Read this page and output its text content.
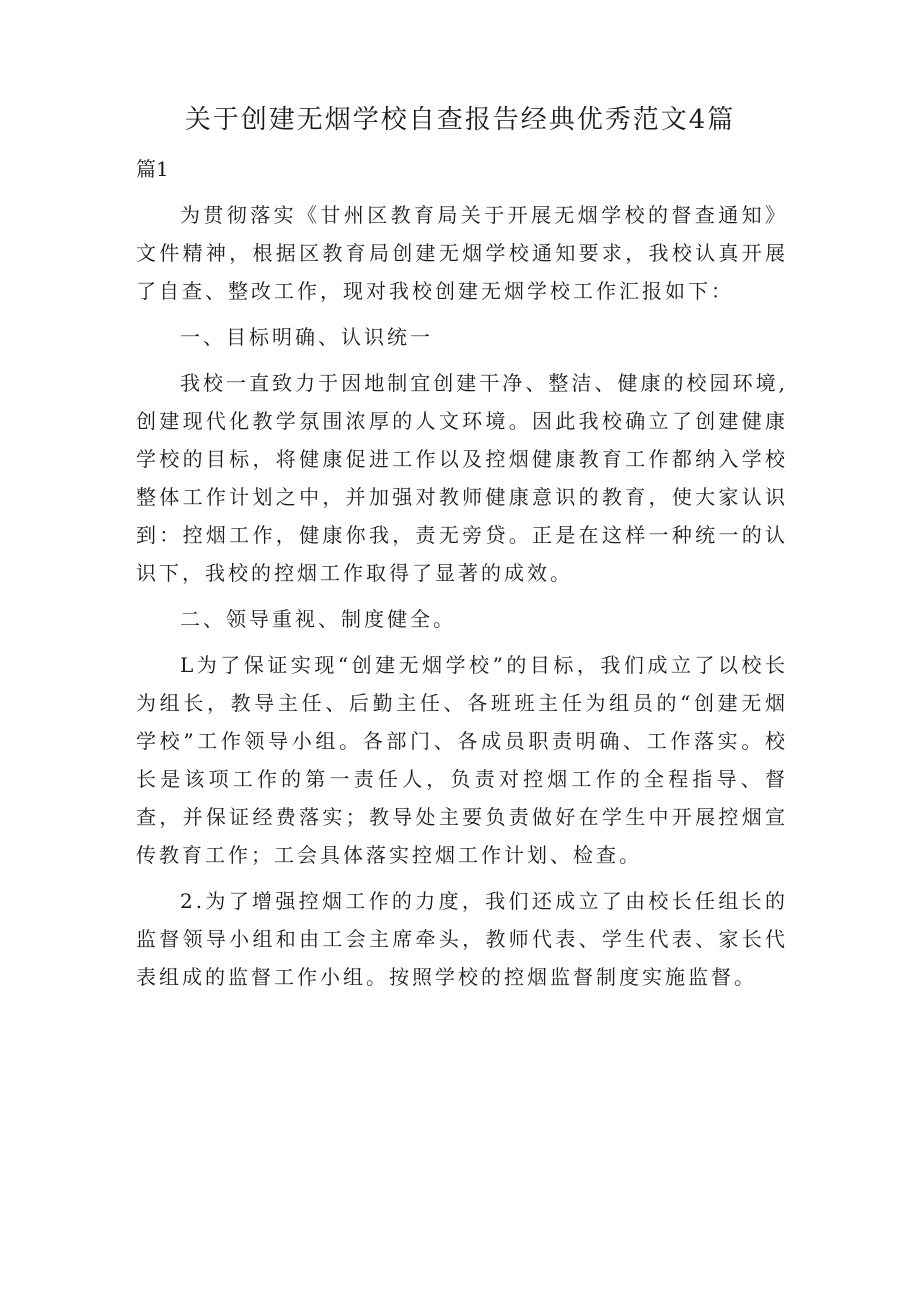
关于创建无烟学校自查报告经典优秀范文4篇
篇1

为贯彻落实《甘州区教育局关于开展无烟学校的督查通知》文件精神，根据区教育局创建无烟学校通知要求，我校认真开展了自查、整改工作，现对我校创建无烟学校工作汇报如下：

一、目标明确、认识统一

我校一直致力于因地制宜创建干净、整洁、健康的校园环境,创建现代化教学氛围浓厚的人文环境。因此我校确立了创建健康学校的目标，将健康促进工作以及控烟健康教育工作都纳入学校整体工作计划之中，并加强对教师健康意识的教育，使大家认识到：控烟工作，健康你我，责无旁贷。正是在这样一种统一的认识下，我校的控烟工作取得了显著的成效。

二、领导重视、制度健全。

L为了保证实现“创建无烟学校”的目标，我们成立了以校长为组长，教导主任、后勤主任、各班班主任为组员的“创建无烟学校”工作领导小组。各部门、各成员职责明确、工作落实。校长是该项工作的第一责任人，负责对控烟工作的全程指导、督查，并保证经费落实；教导处主要负责做好在学生中开展控烟宣传教育工作；工会具体落实控烟工作计划、检查。

2.为了增强控烟工作的力度，我们还成立了由校长任组长的监督领导小组和由工会主席牵头，教师代表、学生代表、家长代表组成的监督工作小组。按照学校的控烟监督制度实施监督。
